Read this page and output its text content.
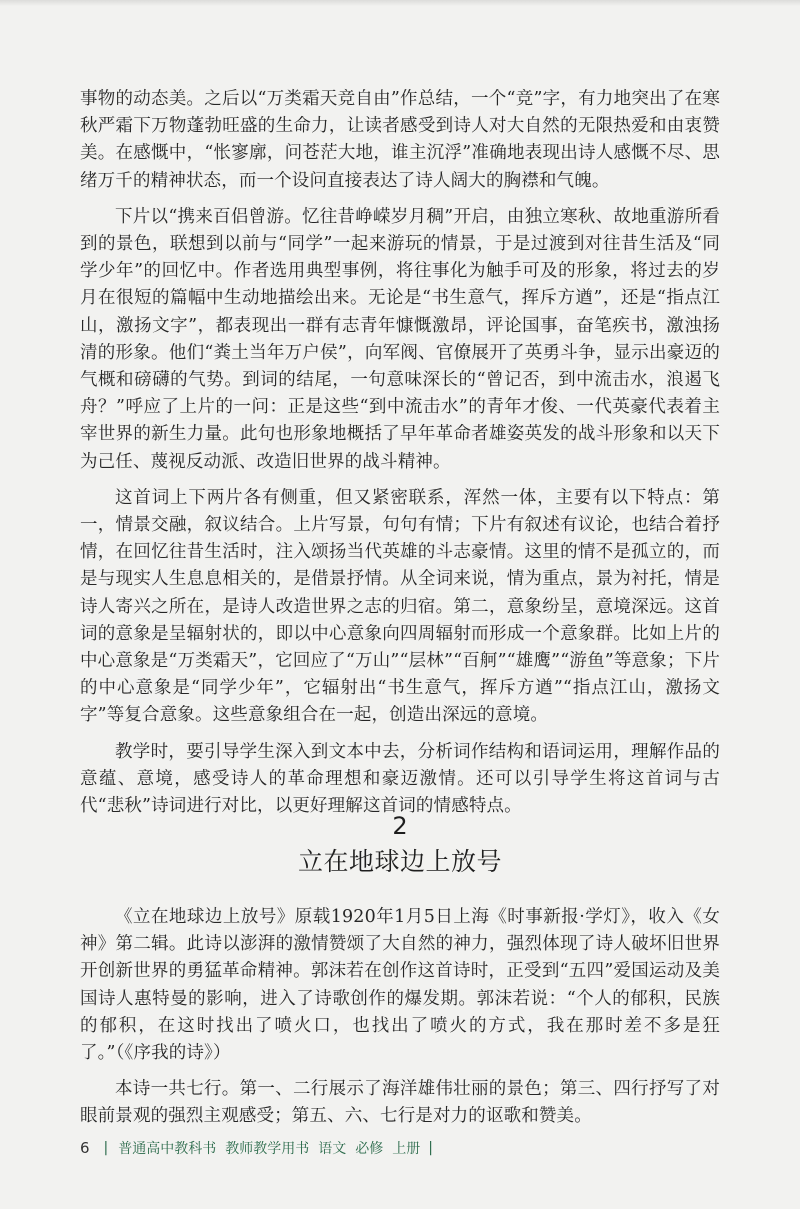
事物的动态美。之后以“万类霜天竞自由”作总结，一个“竞”字，有力地突出了在寒秋严霜下万物蓬勃旺盛的生命力，让读者感受到诗人对大自然的无限热爱和由衷赞美。在感慨中，“怅寥廓，问苍茫大地，谁主沉浮”准确地表现出诗人感慨不尽、思绪万千的精神状态，而一个设问直接表达了诗人阔大的胸襟和气魄。

下片以“携来百侣曾游。忆往昔峥嵘岁月稠”开启，由独立寒秋、故地重游所看到的景色，联想到以前与“同学”一起来游玩的情景，于是过渡到对往昔生活及“同学少年”的回忆中。作者选用典型事例，将往事化为触手可及的形象，将过去的岁月在很短的篇幅中生动地描绘出来。无论是“书生意气，挥斥方遒”，还是“指点江山，激扬文字”，都表现出一群有志青年慷慨激昂，评论国事，奋笔疾书，激浊扬清的形象。他们“粪土当年万户侯”，向军阀、官僚展开了英勇斗争，显示出豪迈的气概和磅礴的气势。到词的结尾，一句意味深长的“曾记否，到中流击水，浪遏飞舟？”呼应了上片的一问：正是这些“到中流击水”的青年才俊、一代英豪代表着主宰世界的新生力量。此句也形象地概括了早年革命者雄姿英发的战斗形象和以天下为己任、蔑视反动派、改造旧世界的战斗精神。

这首词上下两片各有侧重，但又紧密联系，浑然一体，主要有以下特点：第一，情景交融，叙议结合。上片写景，句句有情；下片有叙述有议论，也结合着抒情，在回忆往昔生活时，注入颂扬当代英雄的斗志豪情。这里的情不是孤立的，而是与现实人生息息相关的，是借景抒情。从全词来说，情为重点，景为衬托，情是诗人寄兴之所在，是诗人改造世界之志的归宿。第二，意象纷呈，意境深远。这首词的意象是呈辐射状的，即以中心意象向四周辐射而形成一个意象群。比如上片的中心意象是“万类霜天”，它回应了“万山”“层林”“百舸”“雄鹰”“游鱼”等意象；下片的中心意象是“同学少年”，它辐射出“书生意气，挥斥方遒”“指点江山，激扬文字”等复合意象。这些意象组合在一起，创造出深远的意境。

教学时，要引导学生深入到文本中去，分析词作结构和语词运用，理解作品的意蕴、意境，感受诗人的革命理想和豪迈激情。还可以引导学生将这首词与古代“悲秋”诗词进行对比，以更好理解这首词的情感特点。

2
立在地球边上放号

《立在地球边上放号》原载1920年1月5日上海《时事新报·学灯》，收入《女神》第二辑。此诗以澎湃的激情赞颂了大自然的神力，强烈体现了诗人破坏旧世界开创新世界的勇猛革命精神。郭沫若在创作这首诗时，正受到“五四”爱国运动及美国诗人惠特曼的影响，进入了诗歌创作的爆发期。郭沫若说：“个人的郁积，民族的郁积，在这时找出了喷火口，也找出了喷火的方式，我在那时差不多是狂了。”（《序我的诗》）

本诗一共七行。第一、二行展示了海洋雄伟壮丽的景色；第三、四行抒写了对眼前景观的强烈主观感受；第五、六、七行是对力的讴歌和赞美。

6 | 普通高中教科书 教师教学用书 语文 必修 上册 |
